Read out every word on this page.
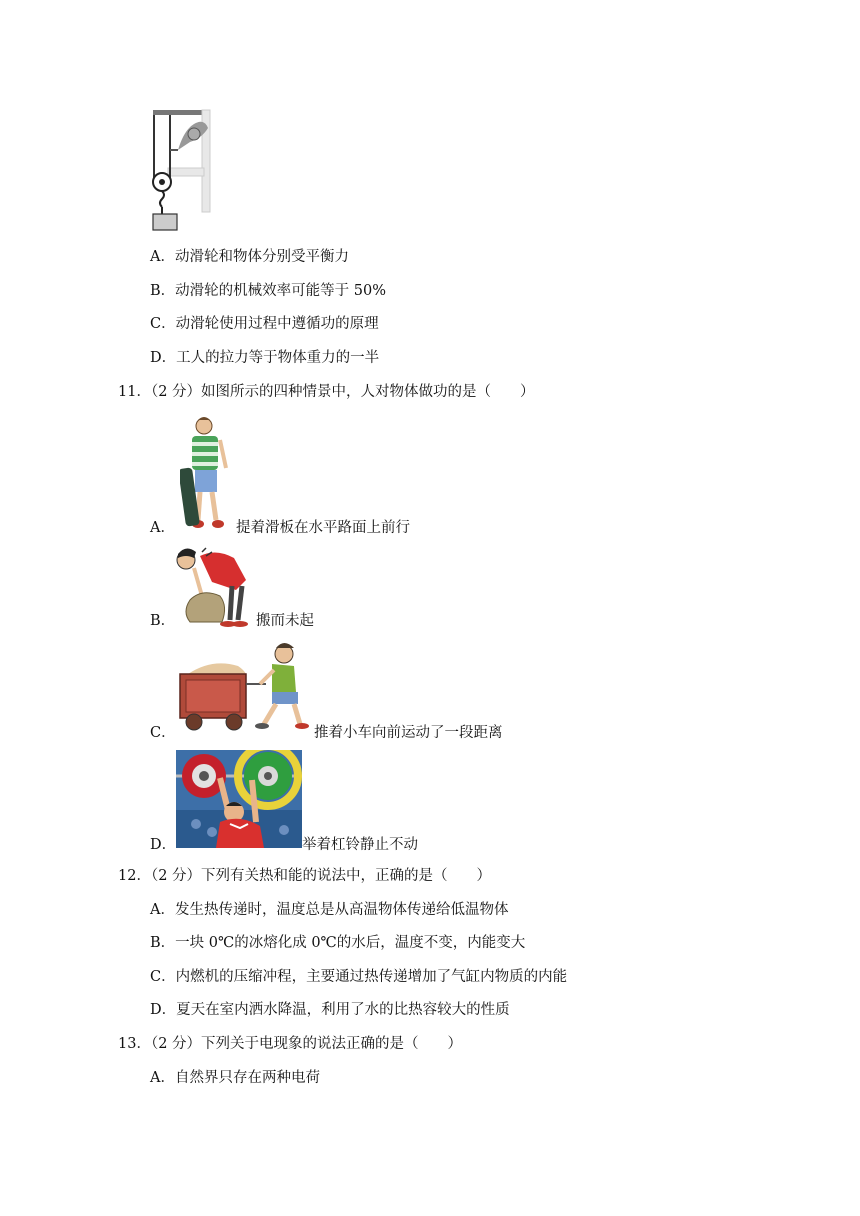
A．动滑轮和物体分别受平衡力
B．动滑轮的机械效率可能等于 50%
C．动滑轮使用过程中遵循功的原理
D．工人的拉力等于物体重力的一半
11．（2 分）如图所示的四种情景中，人对物体做功的是（　　）
A．	提着滑板在水平路面上前行
B．	搬而未起
C．	推着小车向前运动了一段距离
D．	举着杠铃静止不动
12．（2 分）下列有关热和能的说法中，正确的是（　　）
A．发生热传递时，温度总是从高温物体传递给低温物体
B．一块 0℃的冰熔化成 0℃的水后，温度不变，内能变大
C．内燃机的压缩冲程，主要通过热传递增加了气缸内物质的内能
D．夏天在室内洒水降温，利用了水的比热容较大的性质
13．（2 分）下列关于电现象的说法正确的是（　　）
A．自然界只存在两种电荷
